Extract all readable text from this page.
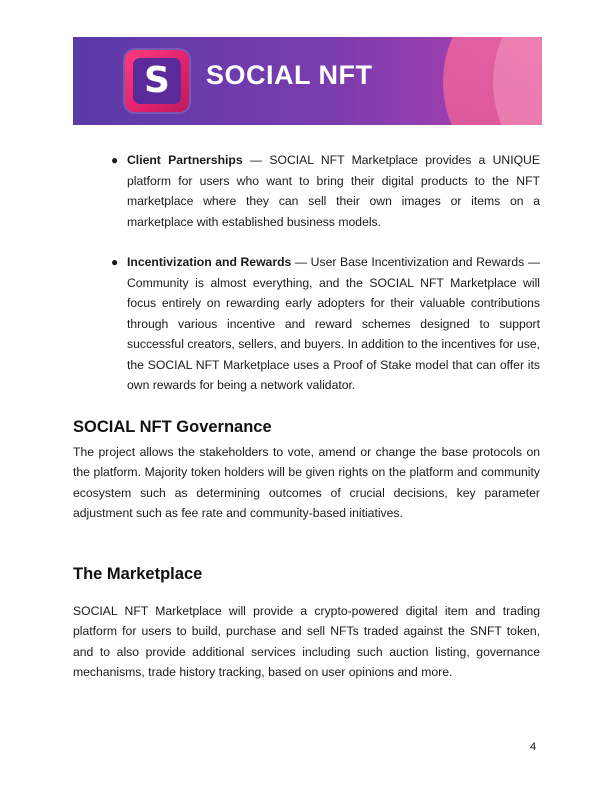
S	SOCIAL NFT
● Client Partnerships — SOCIAL NFT Marketplace provides a UNIQUE platform for users who want to bring their digital products to the NFT marketplace where they can sell their own images or items on a marketplace with established business models.
● Incentivization and Rewards — User Base Incentivization and Rewards — Community is almost everything, and the SOCIAL NFT Marketplace will focus entirely on rewarding early adopters for their valuable contributions through various incentive and reward schemes designed to support successful creators, sellers, and buyers. In addition to the incentives for use, the SOCIAL NFT Marketplace uses a Proof of Stake model that can offer its own rewards for being a network validator.
SOCIAL NFT Governance

The project allows the stakeholders to vote, amend or change the base protocols on the platform. Majority token holders will be given rights on the platform and community ecosystem such as determining outcomes of crucial decisions, key parameter adjustment such as fee rate and community-based initiatives.

The Marketplace

SOCIAL NFT Marketplace will provide a crypto-powered digital item and trading platform for users to build, purchase and sell NFTs traded against the SNFT token, and to also provide additional services including such auction listing, governance mechanisms, trade history tracking, based on user opinions and more.

4
